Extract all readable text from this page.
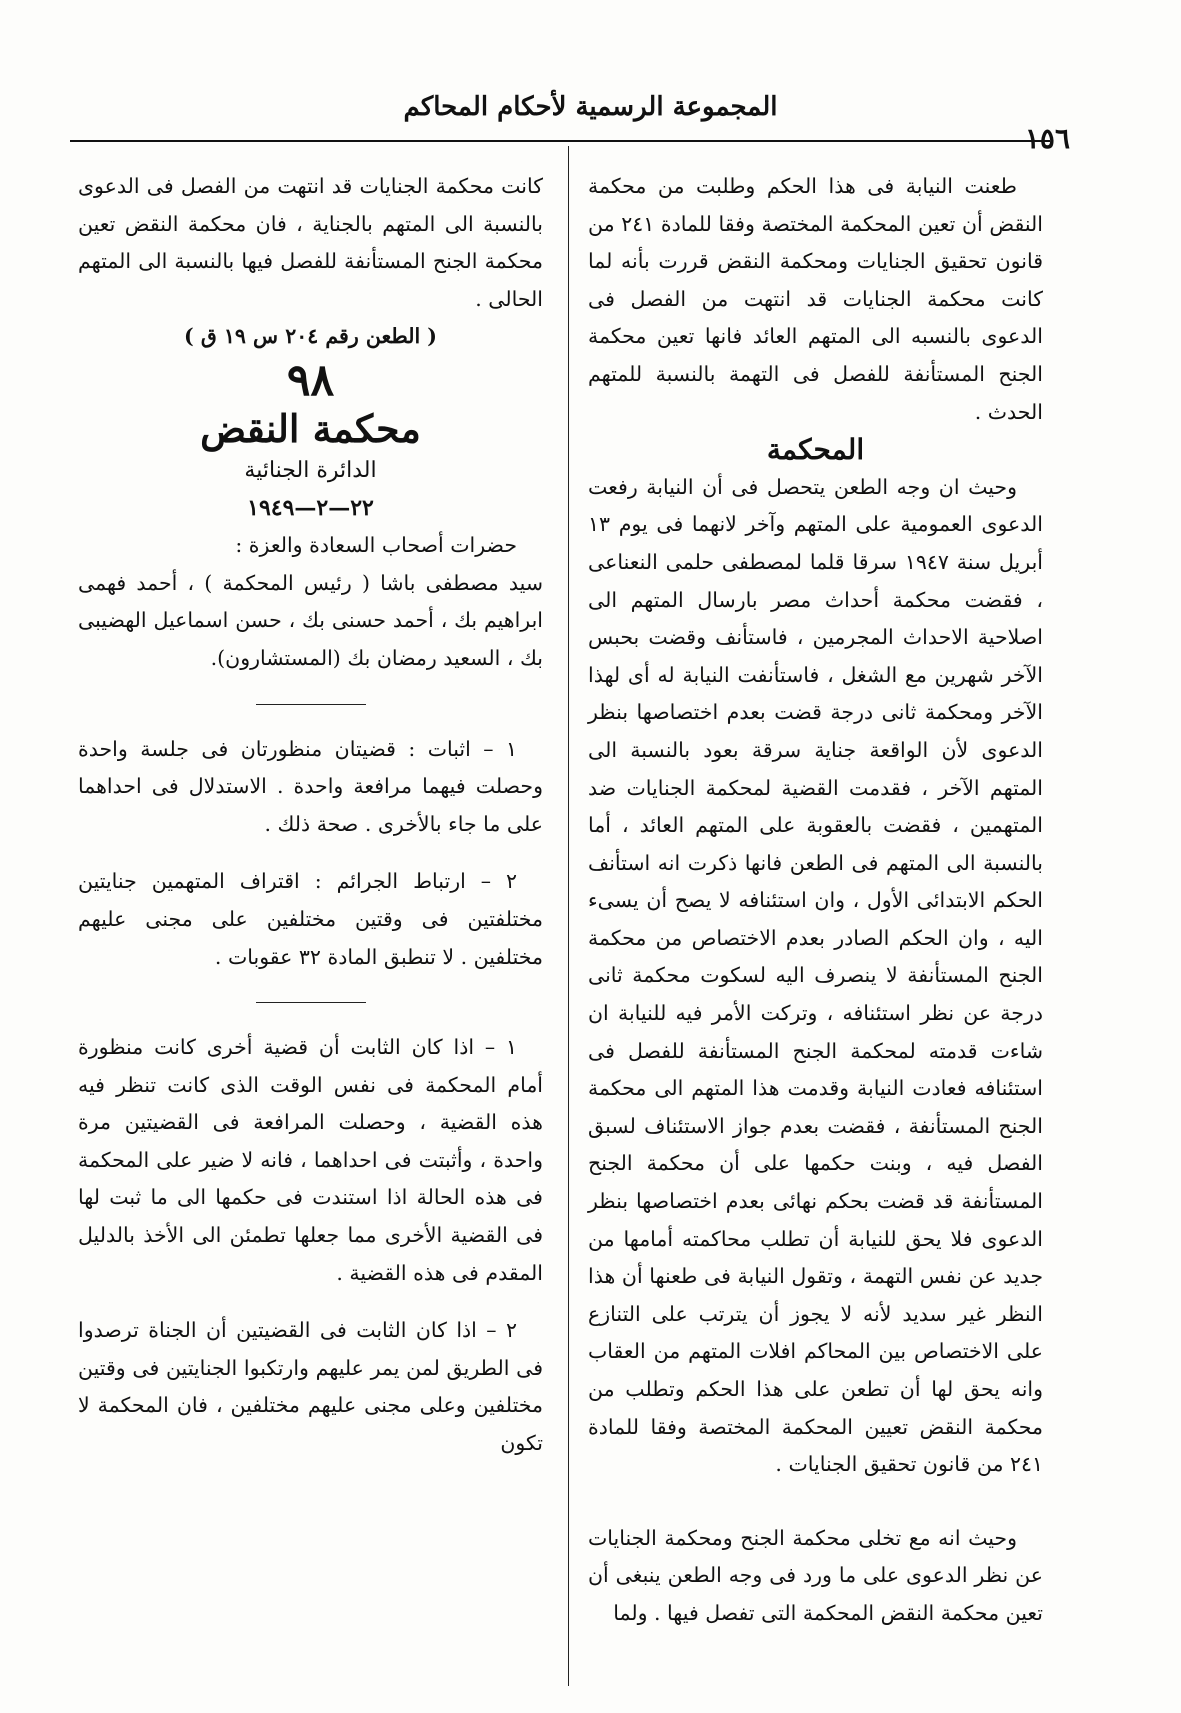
المجموعة الرسمية لأحكام المحاكم
١٥٦

طعنت النيابة فى هذا الحكم وطلبت من محكمة النقض أن تعين المحكمة المختصة وفقا للمادة ٢٤١ من قانون تحقيق الجنايات ومحكمة النقض قررت بأنه لما كانت محكمة الجنايات قد انتهت من الفصل فى الدعوى بالنسبه الى المتهم العائد فانها تعين محكمة الجنح المستأنفة للفصل فى التهمة بالنسبة للمتهم الحدث .

المحكمة

وحيث ان وجه الطعن يتحصل فى أن النيابة رفعت الدعوى العمومية على المتهم وآخر لانهما فى يوم ١٣ أبريل سنة ١٩٤٧ سرقا قلما لمصطفى حلمى النعناعى ، فقضت محكمة أحداث مصر بارسال المتهم الى اصلاحية الاحداث المجرمين ، فاستأنف وقضت بحبس الآخر شهرين مع الشغل ، فاستأنفت النيابة له أى لهذا الآخر ومحكمة ثانى درجة قضت بعدم اختصاصها بنظر الدعوى لأن الواقعة جناية سرقة بعود بالنسبة الى المتهم الآخر ، فقدمت القضية لمحكمة الجنايات ضد المتهمين ، فقضت بالعقوبة على المتهم العائد ، أما بالنسبة الى المتهم فى الطعن فانها ذكرت انه استأنف الحكم الابتدائى الأول ، وان استئنافه لا يصح أن يسىء اليه ، وان الحكم الصادر بعدم الاختصاص من محكمة الجنح المستأنفة لا ينصرف اليه لسكوت محكمة ثانى درجة عن نظر استئنافه ، وتركت الأمر فيه للنيابة ان شاءت قدمته لمحكمة الجنح المستأنفة للفصل فى استئنافه فعادت النيابة وقدمت هذا المتهم الى محكمة الجنح المستأنفة ، فقضت بعدم جواز الاستئناف لسبق الفصل فيه ، وبنت حكمها على أن محكمة الجنح المستأنفة قد قضت بحكم نهائى بعدم اختصاصها بنظر الدعوى فلا يحق للنيابة أن تطلب محاكمته أمامها من جديد عن نفس التهمة ، وتقول النيابة فى طعنها أن هذا النظر غير سديد لأنه لا يجوز أن يترتب على التنازع على الاختصاص بين المحاكم افلات المتهم من العقاب وانه يحق لها أن تطعن على هذا الحكم وتطلب من محكمة النقض تعيين المحكمة المختصة وفقا للمادة ٢٤١ من قانون تحقيق الجنايات .

وحيث انه مع تخلى محكمة الجنح ومحكمة الجنايات عن نظر الدعوى على ما ورد فى وجه الطعن ينبغى أن تعين محكمة النقض المحكمة التى تفصل فيها . ولما

كانت محكمة الجنايات قد انتهت من الفصل فى الدعوى بالنسبة الى المتهم بالجناية ، فان محكمة النقض تعين محكمة الجنح المستأنفة للفصل فيها بالنسبة الى المتهم الحالى .

( الطعن رقم ٢٠٤ س ١٩ ق )

٩٨

محكمة النقض

الدائرة الجنائية

٢٢—٢—١٩٤٩

حضرات أصحاب السعادة والعزة :

سيد مصطفى باشا ( رئيس المحكمة ) ، أحمد فهمى ابراهيم بك ، أحمد حسنى بك ، حسن اسماعيل الهضيبى بك ، السعيد رمضان بك (المستشارون).

١ – اثبات : قضيتان منظورتان فى جلسة واحدة وحصلت فيهما مرافعة واحدة . الاستدلال فى احداهما على ما جاء بالأخرى . صحة ذلك .

٢ – ارتباط الجرائم : اقتراف المتهمين جنايتين مختلفتين فى وقتين مختلفين على مجنى عليهم مختلفين . لا تنطبق المادة ٣٢ عقوبات .

١ – اذا كان الثابت أن قضية أخرى كانت منظورة أمام المحكمة فى نفس الوقت الذى كانت تنظر فيه هذه القضية ، وحصلت المرافعة فى القضيتين مرة واحدة ، وأثبتت فى احداهما ، فانه لا ضير على المحكمة فى هذه الحالة اذا استندت فى حكمها الى ما ثبت لها فى القضية الأخرى مما جعلها تطمئن الى الأخذ بالدليل المقدم فى هذه القضية .

٢ – اذا كان الثابت فى القضيتين أن الجناة ترصدوا فى الطريق لمن يمر عليهم وارتكبوا الجنايتين فى وقتين مختلفين وعلى مجنى عليهم مختلفين ، فان المحكمة لا تكون
